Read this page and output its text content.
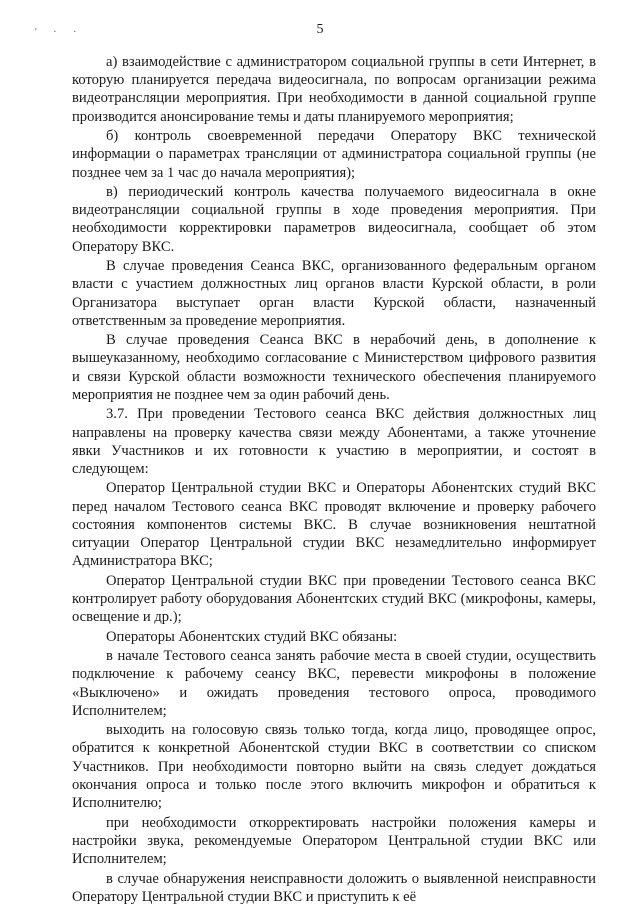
' · ·	5

а) взаимодействие с администратором социальной группы в сети Интернет, в которую планируется передача видеосигнала, по вопросам организации режима видеотрансляции мероприятия. При необходимости в данной социальной группе производится анонсирование темы и даты планируемого мероприятия;

б) контроль своевременной передачи Оператору ВКС технической информации о параметрах трансляции от администратора социальной группы (не позднее чем за 1 час до начала мероприятия);

в) периодический контроль качества получаемого видеосигнала в окне видеотрансляции социальной группы в ходе проведения мероприятия. При необходимости корректировки параметров видеосигнала, сообщает об этом Оператору ВКС.

В случае проведения Сеанса ВКС, организованного федеральным органом власти с участием должностных лиц органов власти Курской области, в роли Организатора выступает орган власти Курской области, назначенный ответственным за проведение мероприятия.

В случае проведения Сеанса ВКС в нерабочий день, в дополнение к вышеуказанному, необходимо согласование с Министерством цифрового развития и связи Курской области возможности технического обеспечения планируемого мероприятия не позднее чем за один рабочий день.

3.7. При проведении Тестового сеанса ВКС действия должностных лиц направлены на проверку качества связи между Абонентами, а также уточнение явки Участников и их готовности к участию в мероприятии, и состоят в следующем:

Оператор Центральной студии ВКС и Операторы Абонентских студий ВКС перед началом Тестового сеанса ВКС проводят включение и проверку рабочего состояния компонентов системы ВКС. В случае возникновения нештатной ситуации Оператор Центральной студии ВКС незамедлительно информирует Администратора ВКС;

Оператор Центральной студии ВКС при проведении Тестового сеанса ВКС контролирует работу оборудования Абонентских студий ВКС (микрофоны, камеры, освещение и др.);

Операторы Абонентских студий ВКС обязаны:

в начале Тестового сеанса занять рабочие места в своей студии, осуществить подключение к рабочему сеансу ВКС, перевести микрофоны в положение «Выключено» и ожидать проведения тестового опроса, проводимого Исполнителем;

выходить на голосовую связь только тогда, когда лицо, проводящее опрос, обратится к конкретной Абонентской студии ВКС в соответствии со списком Участников. При необходимости повторно выйти на связь следует дождаться окончания опроса и только после этого включить микрофон и обратиться к Исполнителю;

при необходимости откорректировать настройки положения камеры и настройки звука, рекомендуемые Оператором Центральной студии ВКС или Исполнителем;

в случае обнаружения неисправности доложить о выявленной неисправности Оператору Центральной студии ВКС и приступить к её
